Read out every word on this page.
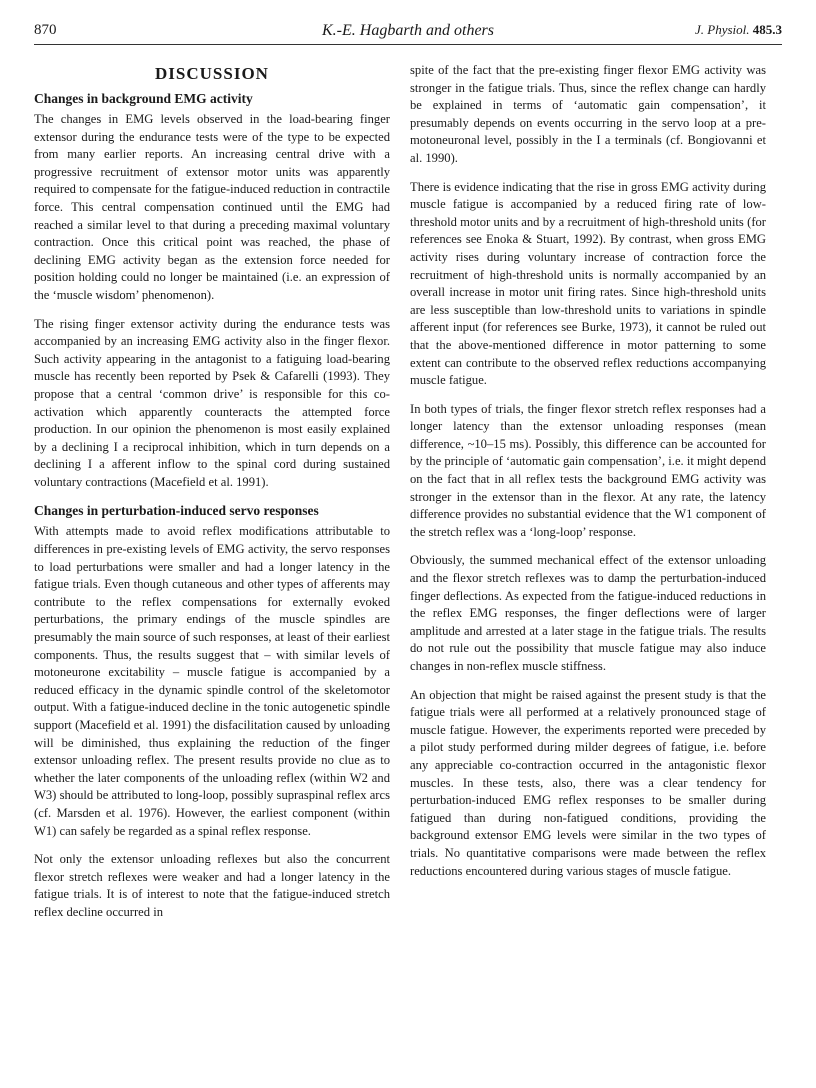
870	K.-E. Hagbarth and others	J. Physiol. 485.3
DISCUSSION
Changes in background EMG activity

The changes in EMG levels observed in the load-bearing finger extensor during the endurance tests were of the type to be expected from many earlier reports. An increasing central drive with a progressive recruitment of extensor motor units was apparently required to compensate for the fatigue-induced reduction in contractile force. This central compensation continued until the EMG had reached a similar level to that during a preceding maximal voluntary contraction. Once this critical point was reached, the phase of declining EMG activity began as the extension force needed for position holding could no longer be maintained (i.e. an expression of the ‘muscle wisdom’ phenomenon).

The rising finger extensor activity during the endurance tests was accompanied by an increasing EMG activity also in the finger flexor. Such activity appearing in the antagonist to a fatiguing load-bearing muscle has recently been reported by Psek & Cafarelli (1993). They propose that a central ‘common drive’ is responsible for this co-activation which apparently counteracts the attempted force production. In our opinion the phenomenon is most easily explained by a declining I a reciprocal inhibition, which in turn depends on a declining I a afferent inflow to the spinal cord during sustained voluntary contractions (Macefield et al. 1991).

Changes in perturbation-induced servo responses

With attempts made to avoid reflex modifications attributable to differences in pre-existing levels of EMG activity, the servo responses to load perturbations were smaller and had a longer latency in the fatigue trials. Even though cutaneous and other types of afferents may contribute to the reflex compensations for externally evoked perturbations, the primary endings of the muscle spindles are presumably the main source of such responses, at least of their earliest components. Thus, the results suggest that – with similar levels of motoneurone excitability – muscle fatigue is accompanied by a reduced efficacy in the dynamic spindle control of the skeletomotor output. With a fatigue-induced decline in the tonic autogenetic spindle support (Macefield et al. 1991) the disfacilitation caused by unloading will be diminished, thus explaining the reduction of the finger extensor unloading reflex. The present results provide no clue as to whether the later components of the unloading reflex (within W2 and W3) should be attributed to long-loop, possibly supraspinal reflex arcs (cf. Marsden et al. 1976). However, the earliest component (within W1) can safely be regarded as a spinal reflex response.

Not only the extensor unloading reflexes but also the concurrent flexor stretch reflexes were weaker and had a longer latency in the fatigue trials. It is of interest to note that the fatigue-induced stretch reflex decline occurred in

spite of the fact that the pre-existing finger flexor EMG activity was stronger in the fatigue trials. Thus, since the reflex change can hardly be explained in terms of ‘automatic gain compensation’, it presumably depends on events occurring in the servo loop at a pre-motoneuronal level, possibly in the I a terminals (cf. Bongiovanni et al. 1990).

There is evidence indicating that the rise in gross EMG activity during muscle fatigue is accompanied by a reduced firing rate of low-threshold motor units and by a recruitment of high-threshold units (for references see Enoka & Stuart, 1992). By contrast, when gross EMG activity rises during voluntary increase of contraction force the recruitment of high-threshold units is normally accompanied by an overall increase in motor unit firing rates. Since high-threshold units are less susceptible than low-threshold units to variations in spindle afferent input (for references see Burke, 1973), it cannot be ruled out that the above-mentioned difference in motor patterning to some extent can contribute to the observed reflex reductions accompanying muscle fatigue.

In both types of trials, the finger flexor stretch reflex responses had a longer latency than the extensor unloading responses (mean difference, ~10–15 ms). Possibly, this difference can be accounted for by the principle of ‘automatic gain compensation’, i.e. it might depend on the fact that in all reflex tests the background EMG activity was stronger in the extensor than in the flexor. At any rate, the latency difference provides no substantial evidence that the W1 component of the stretch reflex was a ‘long-loop’ response.

Obviously, the summed mechanical effect of the extensor unloading and the flexor stretch reflexes was to damp the perturbation-induced finger deflections. As expected from the fatigue-induced reductions in the reflex EMG responses, the finger deflections were of larger amplitude and arrested at a later stage in the fatigue trials. The results do not rule out the possibility that muscle fatigue may also induce changes in non-reflex muscle stiffness.

An objection that might be raised against the present study is that the fatigue trials were all performed at a relatively pronounced stage of muscle fatigue. However, the experiments reported were preceded by a pilot study performed during milder degrees of fatigue, i.e. before any appreciable co-contraction occurred in the antagonistic flexor muscles. In these tests, also, there was a clear tendency for perturbation-induced EMG reflex responses to be smaller during fatigued than during non-fatigued conditions, providing the background extensor EMG levels were similar in the two types of trials. No quantitative comparisons were made between the reflex reductions encountered during various stages of muscle fatigue.
